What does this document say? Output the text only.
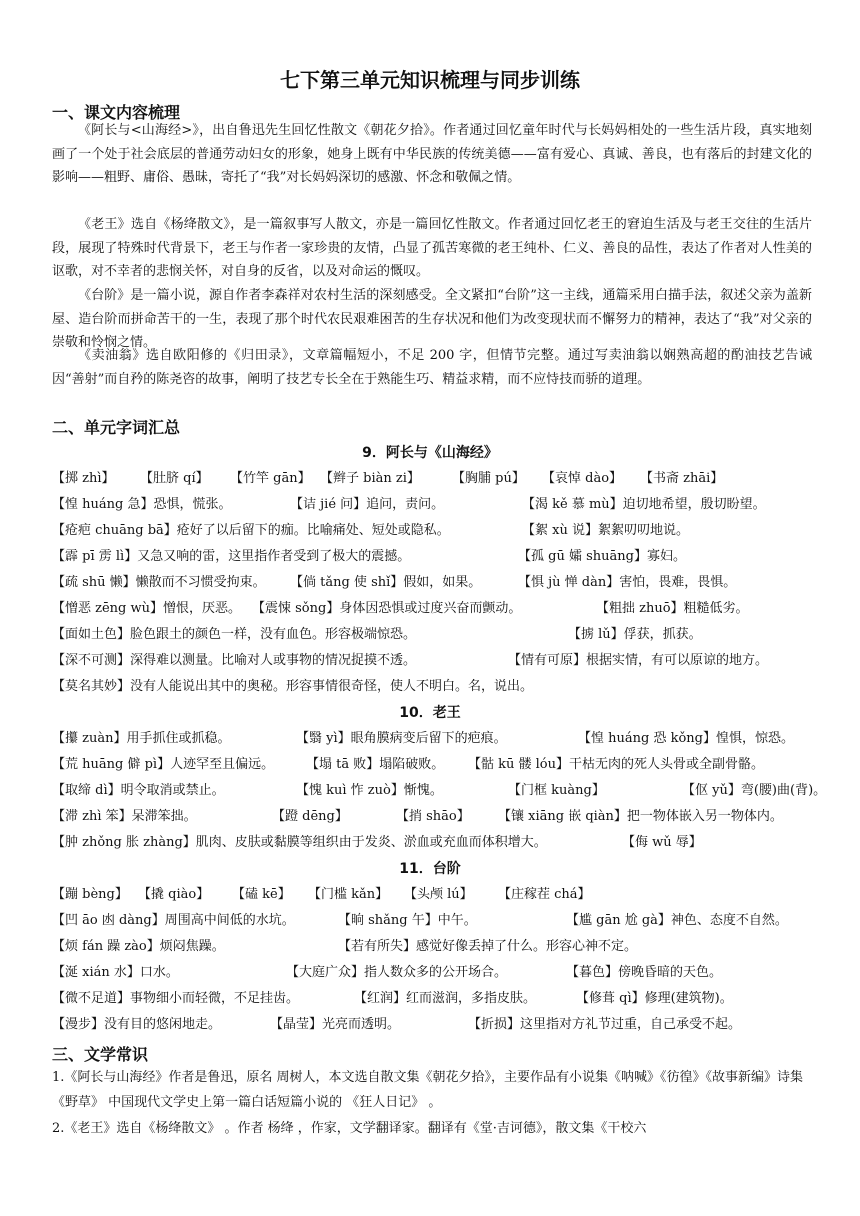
七下第三单元知识梳理与同步训练
一、课文内容梳理
《阿长与<山海经>》，出自鲁迅先生回忆性散文《朝花夕拾》。作者通过回忆童年时代与长妈妈相处的一些生活片段，真实地刻画了一个处于社会底层的普通劳动妇女的形象，她身上既有中华民族的传统美德——富有爱心、真诚、善良，也有落后的封建文化的影响——粗野、庸俗、愚昧，寄托了“我”对长妈妈深切的感激、怀念和敬佩之情。
《老王》选自《杨绛散文》，是一篇叙事写人散文，亦是一篇回忆性散文。作者通过回忆老王的窘迫生活及与老王交往的生活片段，展现了特殊时代背景下，老王与作者一家珍贵的友情，凸显了孤苦寒微的老王纯朴、仁义、善良的品性，表达了作者对人性美的讴歌，对不幸者的悲悯关怀，对自身的反省，以及对命运的慨叹。
《台阶》是一篇小说，源自作者李森祥对农村生活的深刻感受。全文紧扣“台阶”这一主线，通篇采用白描手法，叙述父亲为盖新屋、造台阶而拼命苦干的一生，表现了那个时代农民艰难困苦的生存状况和他们为改变现状而不懈努力的精神，表达了“我”对父亲的崇敬和怜悯之情。
《卖油翁》选自欧阳修的《归田录》，文章篇幅短小，不足 200 字，但情节完整。通过写卖油翁以娴熟高超的酌油技艺告诫因“善射”而自矜的陈尧咨的故事，阐明了技艺专长全在于熟能生巧、精益求精，而不应恃技而骄的道理。
二、单元字词汇总
9．阿长与《山海经》
【掷 zhì】 【肚脐 qí】 【竹竿 gān】 【辫子 biàn zi】 【胸脯 pú】 【哀悼 dào】 【书斋 zhāi】
【惶 huáng 急】恐惧，慌张。	【诘 jié 问】追问，责问。	【渴 kě 慕 mù】迫切地希望，殷切盼望。
【疮疤 chuāng bā】疮好了以后留下的痂。比喻痛处、短处或隐私。	【絮 xù 说】絮絮叨叨地说。
【霹 pī 雳 lì】又急又响的雷，这里指作者受到了极大的震撼。	【孤 gū 孀 shuāng】寡妇。
【疏 shū 懒】懒散而不习惯受拘束。 【倘 tǎng 使 shǐ】假如，如果。	【惧 jù 惮 dàn】害怕，畏难，畏惧。
【憎恶 zēng wù】憎恨，厌恶。 【震悚 sǒng】身体因恐惧或过度兴奋而颤动。	【粗拙 zhuō】粗糙低劣。
【面如土色】脸色跟土的颜色一样，没有血色。形容极端惊恐。	【掳 lǔ】俘获，抓获。
【深不可测】深得难以测量。比喻对人或事物的情况捉摸不透。	【情有可原】根据实情，有可以原谅的地方。
【莫名其妙】没有人能说出其中的奥秘。形容事情很奇怪，使人不明白。名，说出。
10．老王
【攥 zuàn】用手抓住或抓稳。	【翳 yì】眼角膜病变后留下的疤痕。	【惶 huáng 恐 kǒng】惶惧，惊恐。
【荒 huāng 僻 pì】人迹罕至且偏远。 【塌 tā 败】塌陷破败。 【骷 kū 髅 lóu】干枯无肉的死人头骨或全副骨骼。
【取缔 dì】明令取消或禁止。	【愧 kuì 怍 zuò】惭愧。	【门框 kuàng】	【伛 yǔ】弯(腰)曲(背)。
【滞 zhì 笨】呆滞笨拙。	【蹬 dēng】	【捎 shāo】 【镶 xiāng 嵌 qiàn】把一物体嵌入另一物体内。
【肿 zhǒng 胀 zhàng】肌肉、皮肤或黏膜等组织由于发炎、淤血或充血而体积增大。	【侮 wǔ 辱】
11．台阶
【蹦 bèng】 【撬 qiào】 【磕 kē】 【门槛 kǎn】 【头颅 lú】 【庄稼茬 chá】
【凹 āo 凼 dàng】周围高中间低的水坑。	【晌 shǎng 午】中午。	【尴 gān 尬 gà】神色、态度不自然。
【烦 fán 躁 zào】烦闷焦躁。	【若有所失】感觉好像丢掉了什么。形容心神不定。
【涎 xián 水】口水。	【大庭广众】指人数众多的公开场合。	【暮色】傍晚昏暗的天色。
【微不足道】事物细小而轻微，不足挂齿。	【红润】红而滋润，多指皮肤。	【修葺 qì】修理(建筑物)。
【漫步】没有目的悠闲地走。	【晶莹】光亮而透明。	【折损】这里指对方礼节过重，自己承受不起。
三、文学常识
1.《阿长与山海经》作者是鲁迅，原名 周树人，本文选自散文集《朝花夕拾》，主要作品有小说集《呐喊》《彷徨》《故事新编》诗集《野草》 中国现代文学史上第一篇白话短篇小说的 《狂人日记》 。
2.《老王》选自《杨绛散文》 。作者 杨绛 ，作家，文学翻译家。翻译有《堂·吉诃德》，散文集《干校六
